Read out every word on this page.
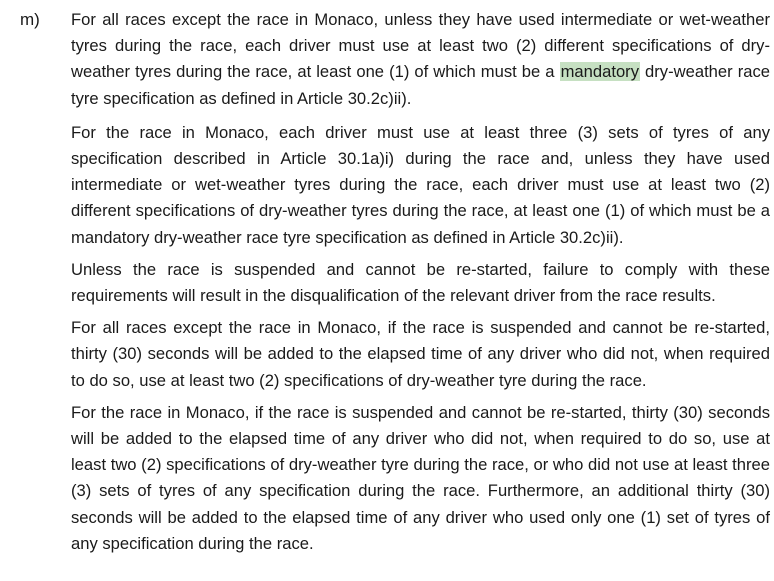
m) For all races except the race in Monaco, unless they have used intermediate or wet-weather tyres during the race, each driver must use at least two (2) different specifications of dry-weather tyres during the race, at least one (1) of which must be a mandatory dry-weather race tyre specification as defined in Article 30.2c)ii).

For the race in Monaco, each driver must use at least three (3) sets of tyres of any specification described in Article 30.1a)i) during the race and, unless they have used intermediate or wet-weather tyres during the race, each driver must use at least two (2) different specifications of dry-weather tyres during the race, at least one (1) of which must be a mandatory dry-weather race tyre specification as defined in Article 30.2c)ii).

Unless the race is suspended and cannot be re-started, failure to comply with these requirements will result in the disqualification of the relevant driver from the race results.

For all races except the race in Monaco, if the race is suspended and cannot be re-started, thirty (30) seconds will be added to the elapsed time of any driver who did not, when required to do so, use at least two (2) specifications of dry-weather tyre during the race.

For the race in Monaco, if the race is suspended and cannot be re-started, thirty (30) seconds will be added to the elapsed time of any driver who did not, when required to do so, use at least two (2) specifications of dry-weather tyre during the race, or who did not use at least three (3) sets of tyres of any specification during the race. Furthermore, an additional thirty (30) seconds will be added to the elapsed time of any driver who used only one (1) set of tyres of any specification during the race.
